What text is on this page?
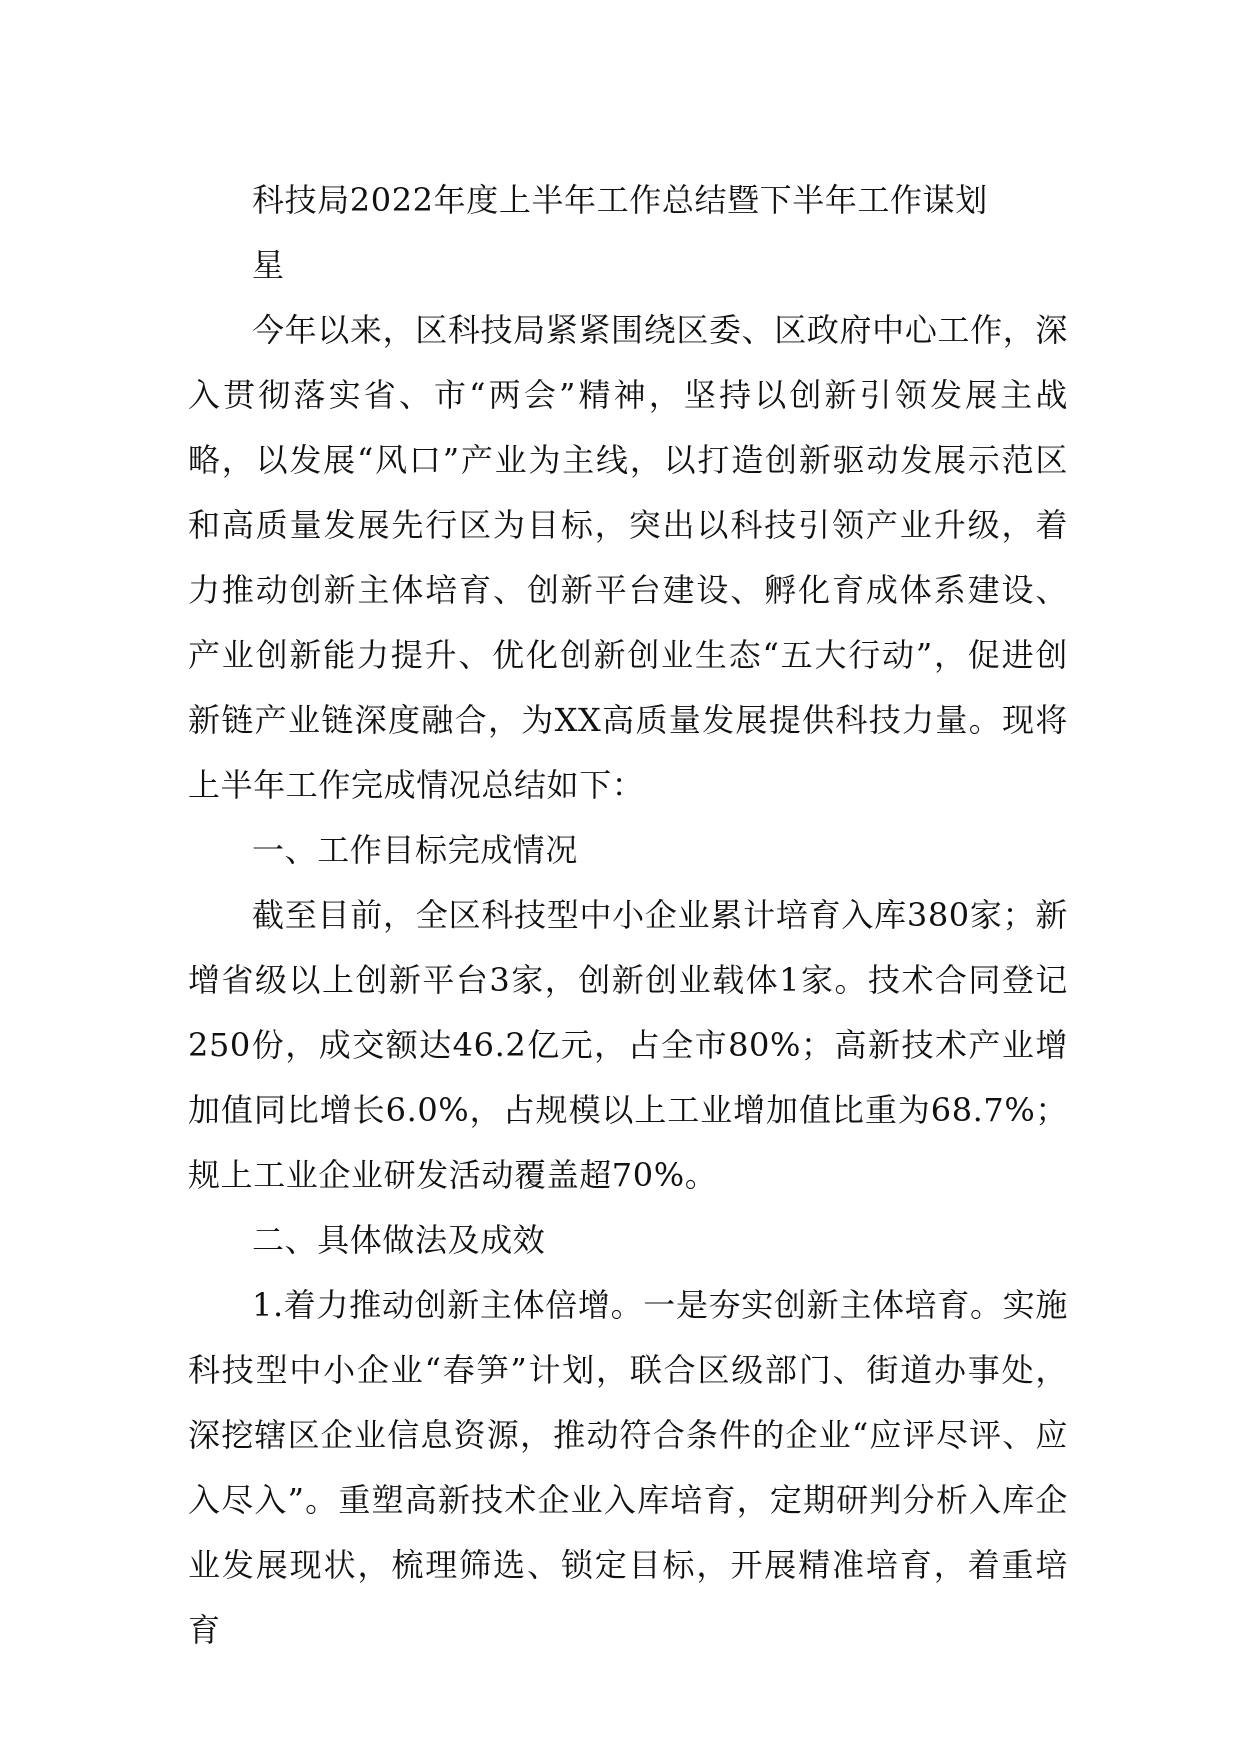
科技局2022年度上半年工作总结暨下半年工作谋划

星

今年以来，区科技局紧紧围绕区委、区政府中心工作，深入贯彻落实省、市“两会”精神，坚持以创新引领发展主战略，以发展“风口”产业为主线，以打造创新驱动发展示范区和高质量发展先行区为目标，突出以科技引领产业升级，着力推动创新主体培育、创新平台建设、孵化育成体系建设、产业创新能力提升、优化创新创业生态“五大行动”，促进创新链产业链深度融合，为XX高质量发展提供科技力量。现将上半年工作完成情况总结如下：

一、工作目标完成情况

截至目前，全区科技型中小企业累计培育入库380家；新增省级以上创新平台3家，创新创业载体1家。技术合同登记250份，成交额达46.2亿元，占全市80%；高新技术产业增加值同比增长6.0%，占规模以上工业增加值比重为68.7%；规上工业企业研发活动覆盖超70%。

二、具体做法及成效

1.着力推动创新主体倍增。一是夯实创新主体培育。实施科技型中小企业“春笋”计划，联合区级部门、街道办事处，深挖辖区企业信息资源，推动符合条件的企业“应评尽评、应入尽入”。重塑高新技术企业入库培育，定期研判分析入库企业发展现状，梳理筛选、锁定目标，开展精准培育，着重培育
